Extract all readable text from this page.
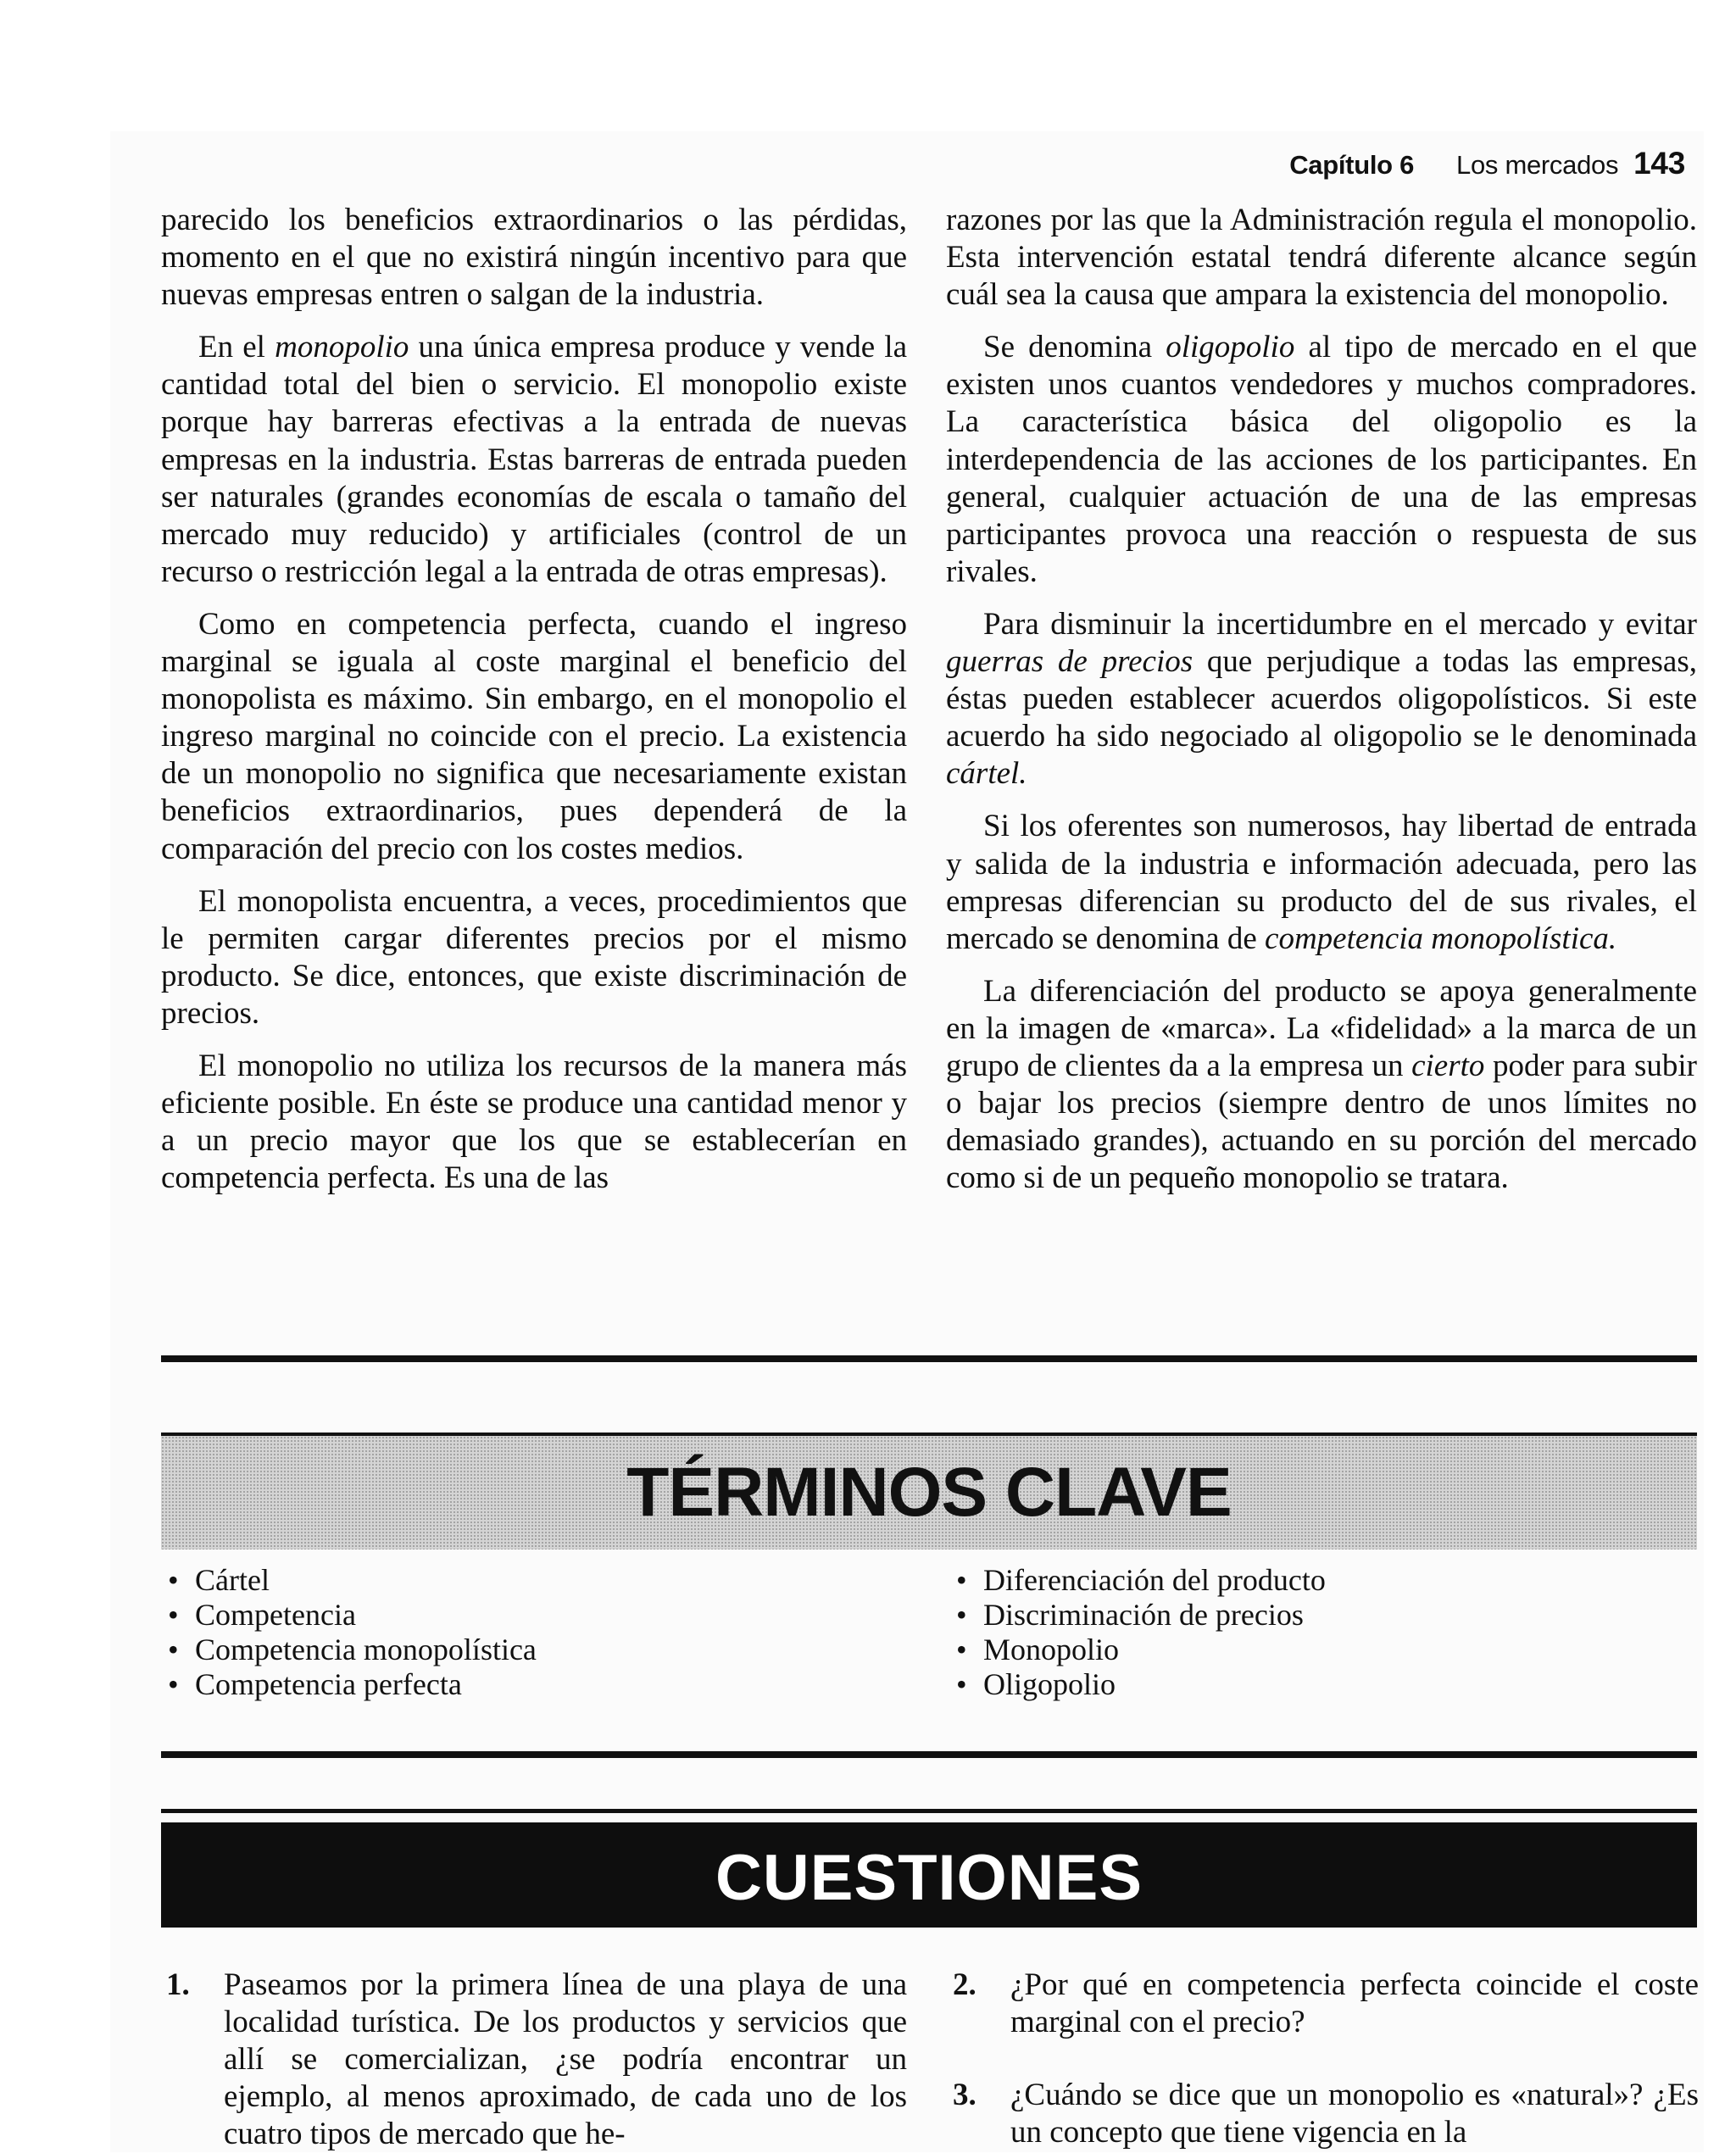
Capítulo 6 Los mercados 143

parecido los beneficios extraordinarios o las pérdidas, momento en el que no existirá ningún incentivo para que nuevas empresas entren o salgan de la industria.

En el monopolio una única empresa produce y vende la cantidad total del bien o servicio. El monopolio existe porque hay barreras efectivas a la entrada de nuevas empresas en la industria. Estas barreras de entrada pueden ser naturales (grandes economías de escala o tamaño del mercado muy reducido) y artificiales (control de un recurso o restricción legal a la entrada de otras empresas).

Como en competencia perfecta, cuando el ingreso marginal se iguala al coste marginal el beneficio del monopolista es máximo. Sin embargo, en el monopolio el ingreso marginal no coincide con el precio. La existencia de un monopolio no significa que necesariamente existan beneficios extraordinarios, pues dependerá de la comparación del precio con los costes medios.

El monopolista encuentra, a veces, procedimientos que le permiten cargar diferentes precios por el mismo producto. Se dice, entonces, que existe discriminación de precios.

El monopolio no utiliza los recursos de la manera más eficiente posible. En éste se produce una cantidad menor y a un precio mayor que los que se establecerían en competencia perfecta. Es una de las

razones por las que la Administración regula el monopolio. Esta intervención estatal tendrá diferente alcance según cuál sea la causa que ampara la existencia del monopolio.

Se denomina oligopolio al tipo de mercado en el que existen unos cuantos vendedores y muchos compradores. La característica básica del oligopolio es la interdependencia de las acciones de los participantes. En general, cualquier actuación de una de las empresas participantes provoca una reacción o respuesta de sus rivales.

Para disminuir la incertidumbre en el mercado y evitar guerras de precios que perjudique a todas las empresas, éstas pueden establecer acuerdos oligopolísticos. Si este acuerdo ha sido negociado al oligopolio se le denominada cártel.

Si los oferentes son numerosos, hay libertad de entrada y salida de la industria e información adecuada, pero las empresas diferencian su producto del de sus rivales, el mercado se denomina de competencia monopolística.

La diferenciación del producto se apoya generalmente en la imagen de «marca». La «fidelidad» a la marca de un grupo de clientes da a la empresa un cierto poder para subir o bajar los precios (siempre dentro de unos límites no demasiado grandes), actuando en su porción del mercado como si de un pequeño monopolio se tratara.

TÉRMINOS CLAVE
• Cártel
• Competencia
• Competencia monopolística
• Competencia perfecta
• Diferenciación del producto
• Discriminación de precios
• Monopolio
• Oligopolio
CUESTIONES
1. Paseamos por la primera línea de una playa de una localidad turística. De los productos y servicios que allí se comercializan, ¿se podría encontrar un ejemplo, al menos aproximado, de cada uno de los cuatro tipos de mercado que he-
2. ¿Por qué en competencia perfecta coincide el coste marginal con el precio?
3. ¿Cuándo se dice que un monopolio es «natural»? ¿Es un concepto que tiene vigencia en la
